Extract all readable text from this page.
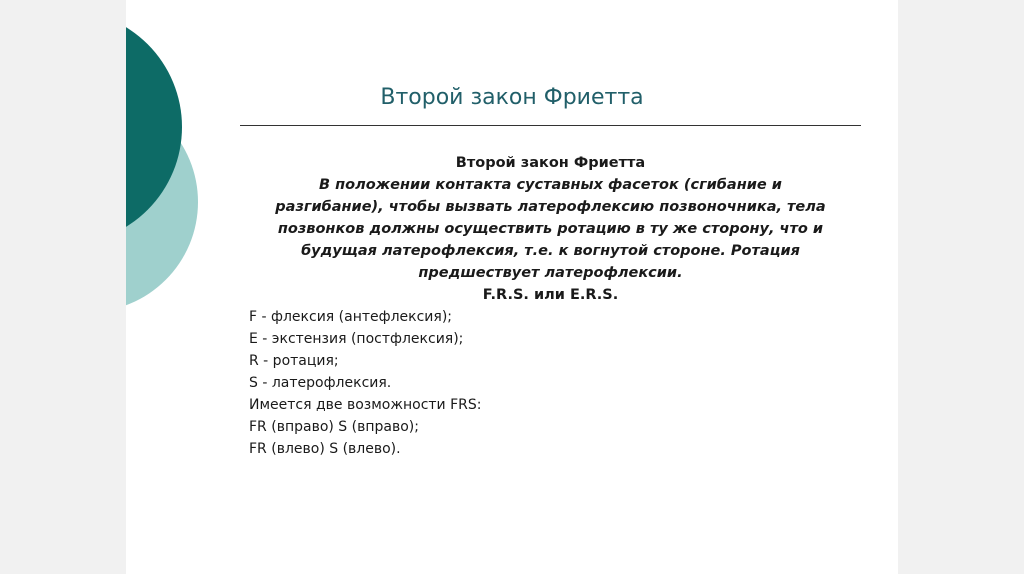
Второй закон Фриетта
Второй закон Фриетта
В положении контакта суставных фасеток (сгибание и разгибание), чтобы вызвать латерофлексию позвоночника, тела позвонков должны осуществить ротацию в ту же сторону, что и будущая латерофлексия, т.е. к вогнутой стороне. Ротация предшествует латерофлексии.
F.R.S. или E.R.S.
F - флексия (антефлексия);
E - экстензия (постфлексия);
R - ротация;
S - латерофлексия.
Имеется две возможности FRS:
FR (вправо) S (вправо);
FR (влево) S (влево).
